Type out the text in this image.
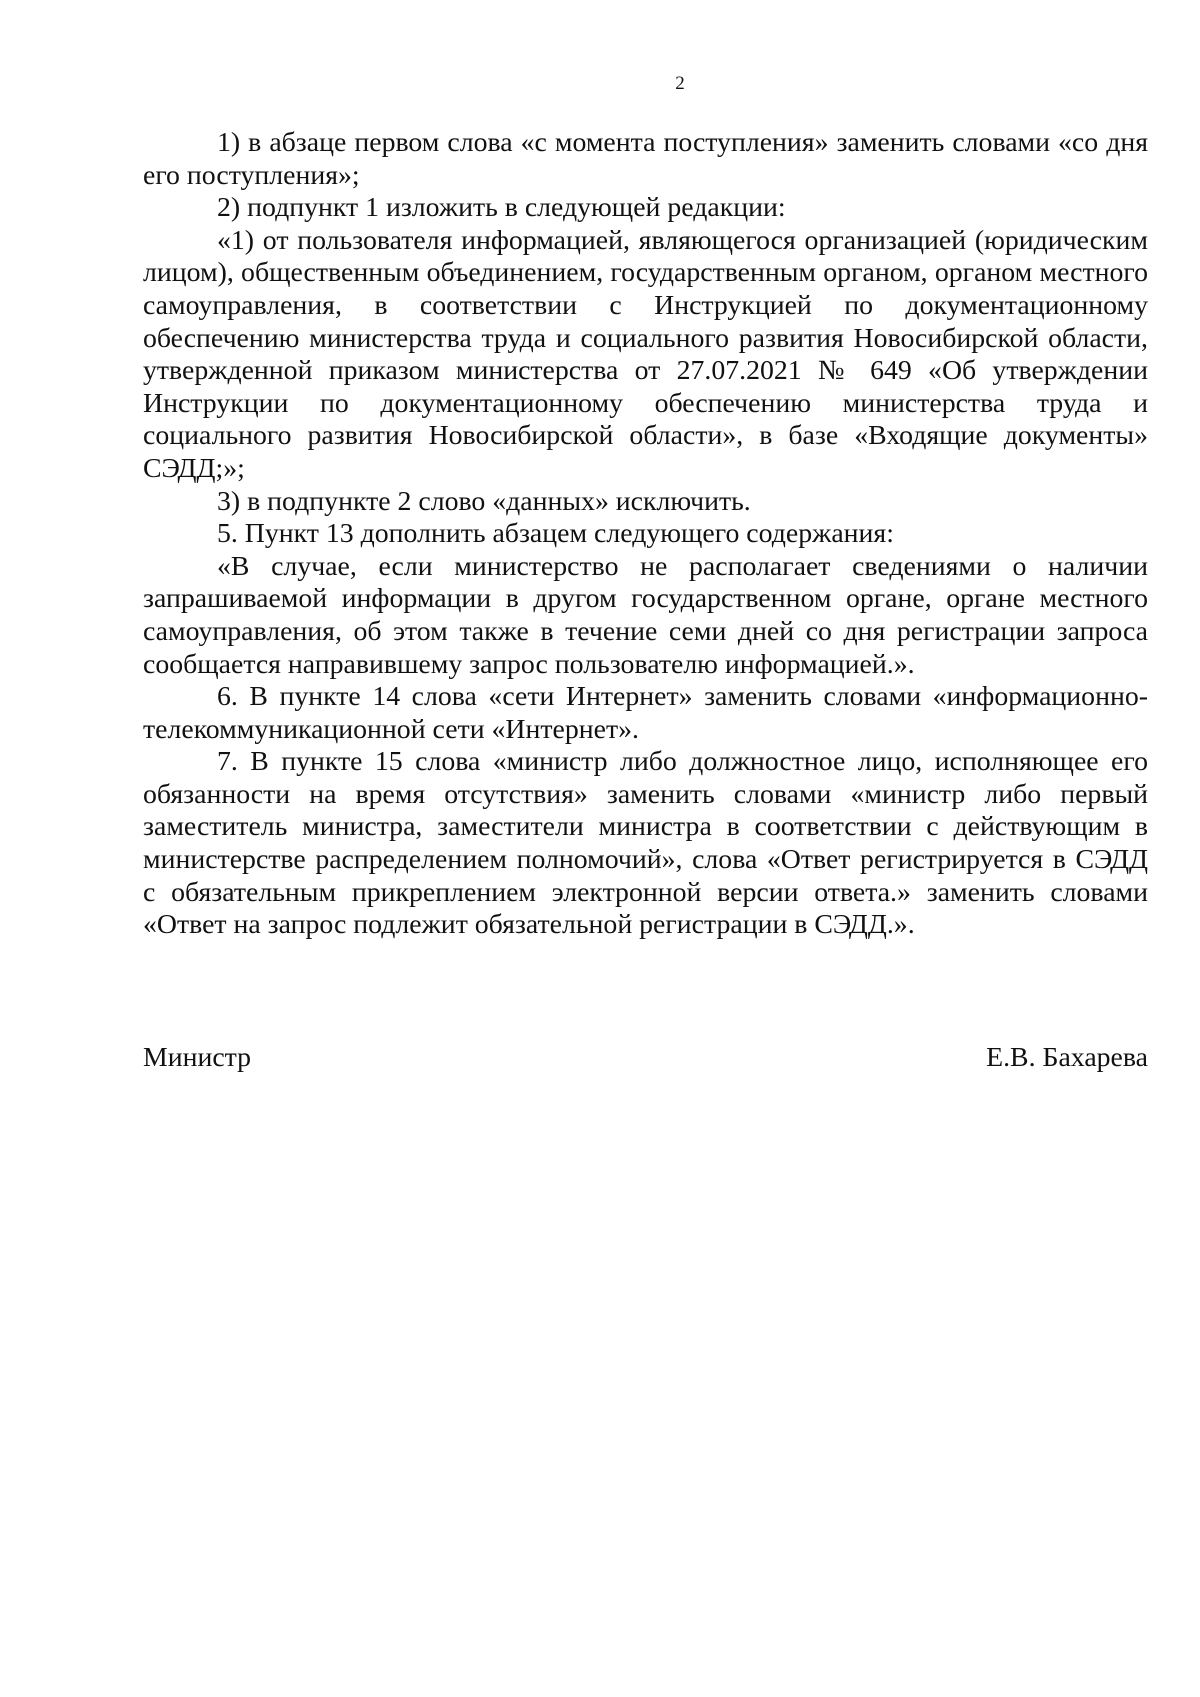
2

1) в абзаце первом слова «с момента поступления» заменить словами «со дня его поступления»;

2) подпункт 1 изложить в следующей редакции:

«1) от пользователя информацией, являющегося организацией (юридическим лицом), общественным объединением, государственным органом, органом местного самоуправления, в соответствии с Инструкцией по документационному обеспечению министерства труда и социального развития Новосибирской области, утвержденной приказом министерства от 27.07.2021 № 649 «Об утверждении Инструкции по документационному обеспечению министерства труда и социального развития Новосибирской области», в базе «Входящие документы» СЭДД;»;

3) в подпункте 2 слово «данных» исключить.

5. Пункт 13 дополнить абзацем следующего содержания:

«В случае, если министерство не располагает сведениями о наличии запрашиваемой информации в другом государственном органе, органе местного самоуправления, об этом также в течение семи дней со дня регистрации запроса сообщается направившему запрос пользователю информацией.».

6. В пункте 14 слова «сети Интернет» заменить словами «информационно-телекоммуникационной сети «Интернет».

7. В пункте 15 слова «министр либо должностное лицо, исполняющее его обязанности на время отсутствия» заменить словами «министр либо первый заместитель министра, заместители министра в соответствии с действующим в министерстве распределением полномочий», слова «Ответ регистрируется в СЭДД с обязательным прикреплением электронной версии ответа.» заменить словами «Ответ на запрос подлежит обязательной регистрации в СЭДД.».

Министр	Е.В. Бахарева
